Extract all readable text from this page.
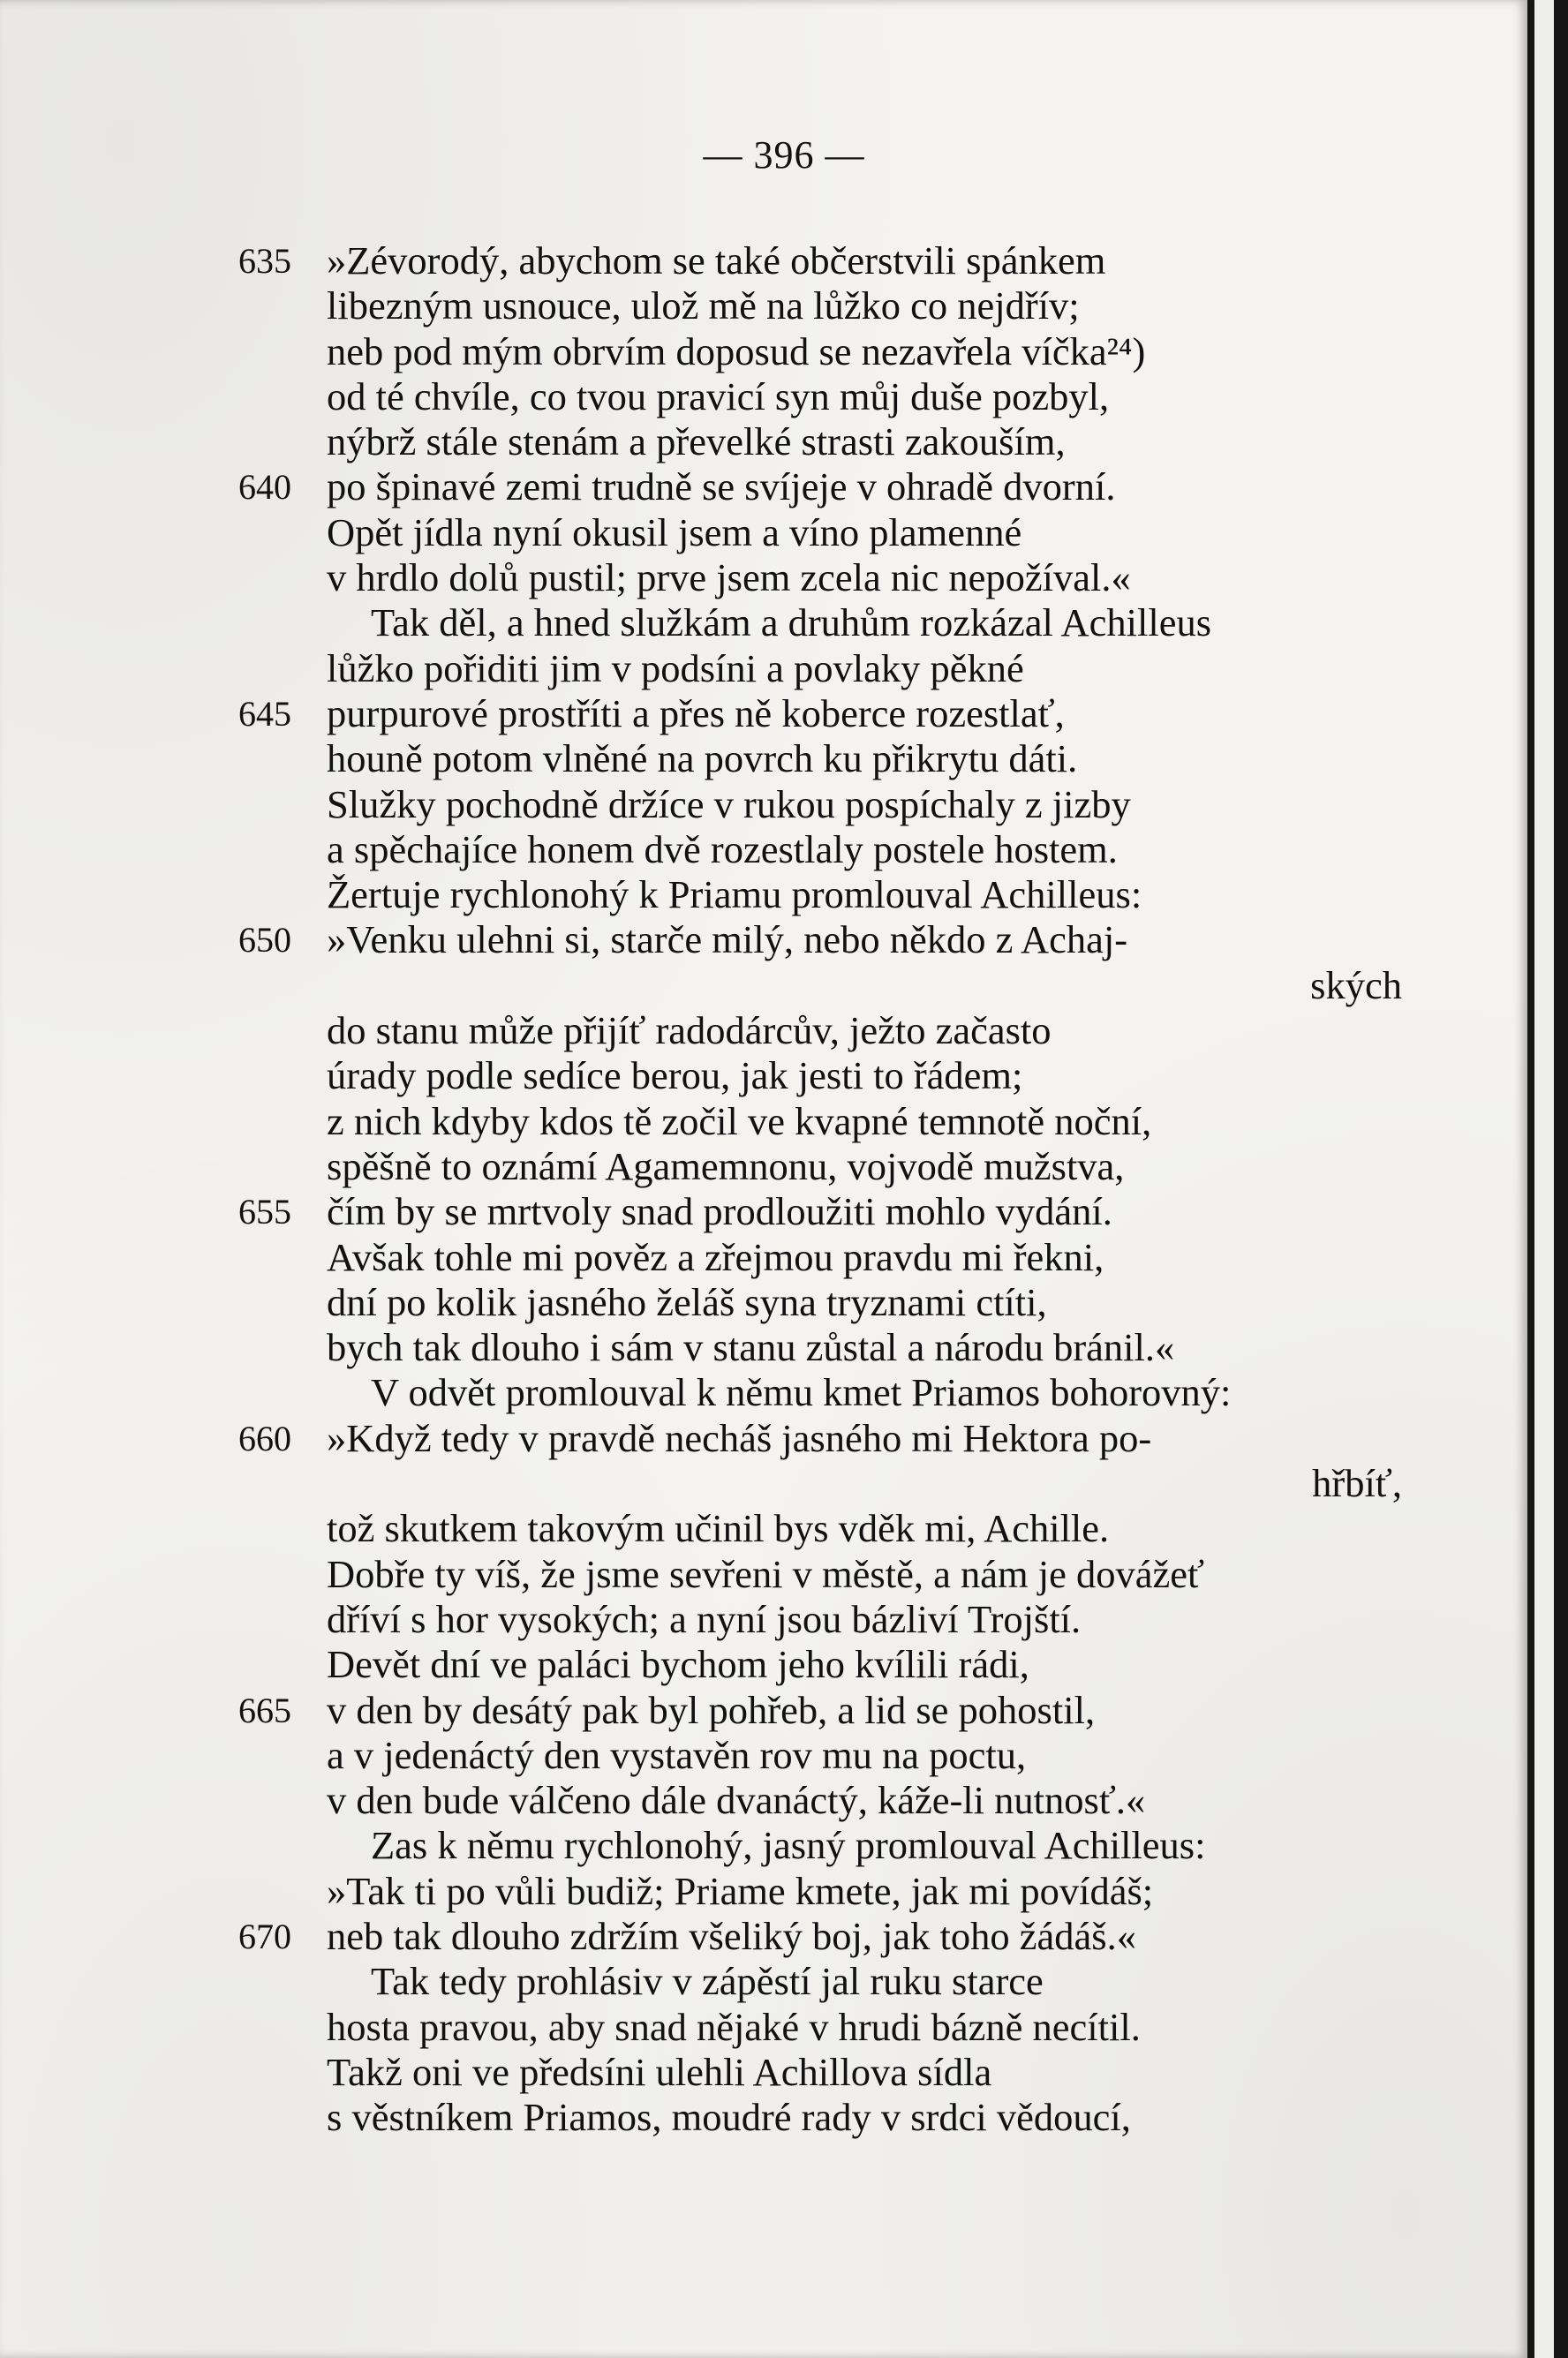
— 396 —
635 »Zévorodý, abychom se také občerstvili spánkem
libezným usnouce, ulož mě na lůžko co nejdřív;
neb pod mým obrvím doposud se nezavřela víčka²⁴)
od té chvíle, co tvou pravicí syn můj duše pozbyl,
nýbrž stále stenám a převelké strasti zakouším,
640 po špinavé zemi trudně se svíjeje v ohradě dvorní.
Opět jídla nyní okusil jsem a víno plamenné
v hrdlo dolů pustil; prve jsem zcela nic nepožíval.«
Tak děl, a hned služkám a druhům rozkázal Achilleus
lůžko pořiditi jim v podsíni a povlaky pěkné
645 purpurové prostříti a přes ně koberce rozestlať,
houně potom vlněné na povrch ku přikrytu dáti.
Služky pochodně držíce v rukou pospíchaly z jizby
a spěchajíce honem dvě rozestlaly postele hostem.
Žertuje rychlonohý k Priamu promlouval Achilleus:
650 »Venku ulehni si, starče milý, nebo někdo z Achaj-
ských
do stanu může přijíť radodárcův, ježto začasto
úrady podle sedíce berou, jak jesti to řádem;
z nich kdyby kdos tě zočil ve kvapné temnotě noční,
spěšně to oznámí Agamemnonu, vojvodě mužstva,
655 čím by se mrtvoly snad prodloužiti mohlo vydání.
Avšak tohle mi pověz a zřejmou pravdu mi řekni,
dní po kolik jasného želáš syna tryznami ctíti,
bych tak dlouho i sám v stanu zůstal a národu bránil.«
V odvět promlouval k němu kmet Priamos bohorovný:
660 »Když tedy v pravdě necháš jasného mi Hektora po-
hřbíť,
tož skutkem takovým učinil bys vděk mi, Achille.
Dobře ty víš, že jsme sevřeni v městě, a nám je dovážeť
dříví s hor vysokých; a nyní jsou bázliví Trojští.
Devět dní ve paláci bychom jeho kvílili rádi,
665 v den by desátý pak byl pohřeb, a lid se pohostil,
a v jedenáctý den vystavěn rov mu na poctu,
v den bude válčeno dále dvanáctý, káže-li nutnosť.«
Zas k němu rychlonohý, jasný promlouval Achilleus:
»Tak ti po vůli budiž; Priame kmete, jak mi povídáš;
670 neb tak dlouho zdržím všeliký boj, jak toho žádáš.«
Tak tedy prohlásiv v zápěstí jal ruku starce
hosta pravou, aby snad nějaké v hrudi bázně necítil.
Takž oni ve předsíni ulehli Achillova sídla
s věstníkem Priamos, moudré rady v srdci vědoucí,
